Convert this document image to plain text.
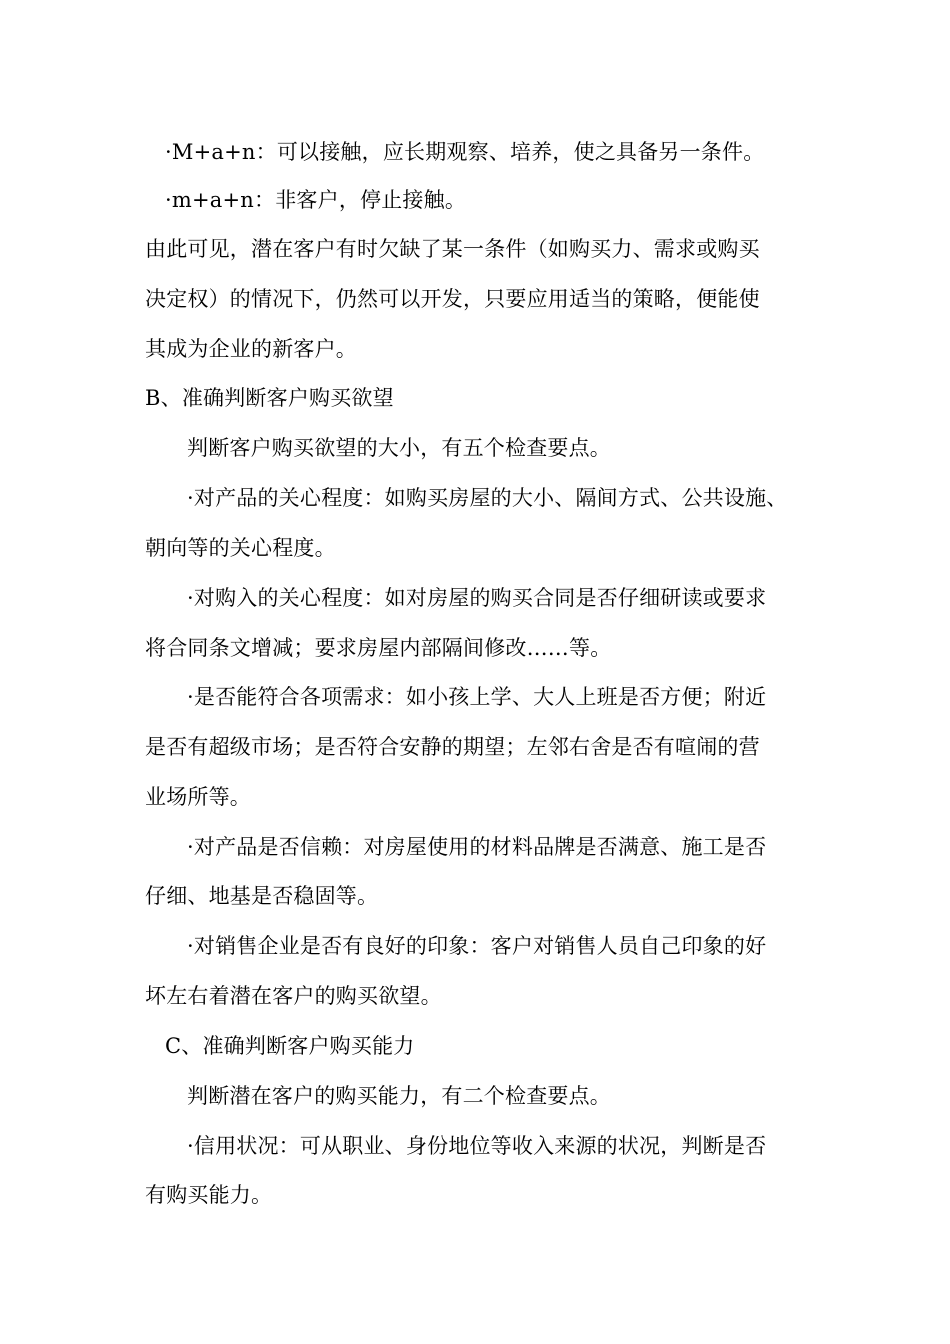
·M+a+n：可以接触，应长期观察、培养，使之具备另一条件。
·m+a+n：非客户，停止接触。
由此可见，潜在客户有时欠缺了某一条件（如购买力、需求或购买
决定权）的情况下，仍然可以开发，只要应用适当的策略，便能使
其成为企业的新客户。
B、准确判断客户购买欲望
判断客户购买欲望的大小，有五个检查要点。
·对产品的关心程度：如购买房屋的大小、隔间方式、公共设施、
朝向等的关心程度。
·对购入的关心程度：如对房屋的购买合同是否仔细研读或要求
将合同条文增减；要求房屋内部隔间修改……等。
·是否能符合各项需求：如小孩上学、大人上班是否方便；附近
是否有超级市场；是否符合安静的期望；左邻右舍是否有喧闹的营
业场所等。
·对产品是否信赖：对房屋使用的材料品牌是否满意、施工是否
仔细、地基是否稳固等。
·对销售企业是否有良好的印象：客户对销售人员自己印象的好
坏左右着潜在客户的购买欲望。
C、准确判断客户购买能力
判断潜在客户的购买能力，有二个检查要点。
·信用状况：可从职业、身份地位等收入来源的状况，判断是否
有购买能力。
